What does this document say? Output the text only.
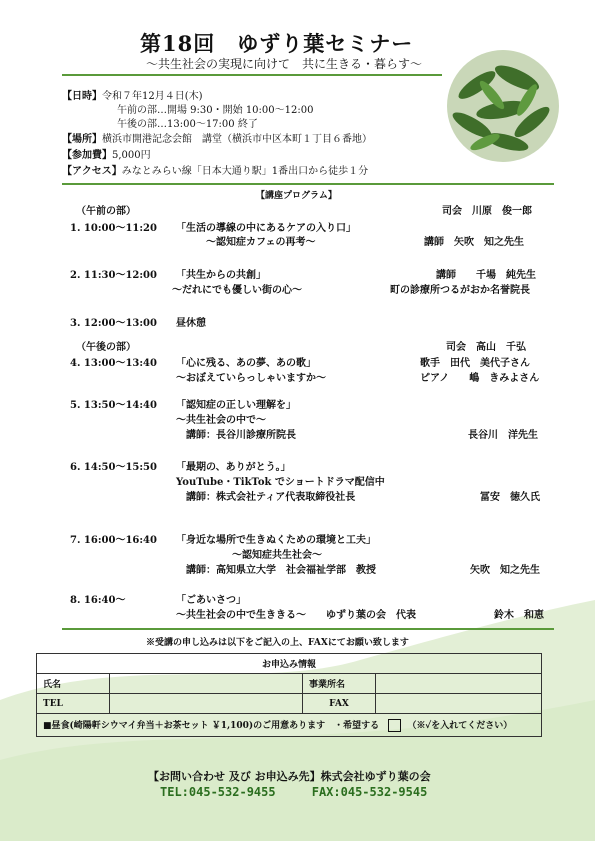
第18回　ゆずり葉セミナー
～共生社会の実現に向けて　共に生きる・暮らす～
【日時】令和７年12月４日(木)
午前の部…開場 9:30・開始 10:00～12:00
午後の部…13:00～17:00 終了
【場所】横浜市開港記念会館　講堂（横浜市中区本町１丁目６番地）
【参加費】5,000円
【アクセス】みなとみらい線「日本大通り駅」1番出口から徒歩１分
【講座プログラム】
（午前の部）	司会　川原　俊一郎
1. 10:00～11:20 「生活の導線の中にあるケアの入り口」
～認知症カフェの再考～	講師　矢吹　知之先生
2. 11:30～12:00 「共生からの共創」	講師　　千場　純先生
～だれにでも優しい街の心～	町の診療所つるがおか名誉院長
3. 12:00～13:00 昼休憩
（午後の部）	司会　高山　千弘
4. 13:00～13:40 「心に残る、あの夢、あの歌」	歌手　田代　美代子さん
～おぼえていらっしゃいますか～	ピアノ　　嶋　きみよさん
5. 13:50～14:40 「認知症の正しい理解を」
～共生社会の中で～
講師：長谷川診療所院長	長谷川　洋先生
6. 14:50～15:50 「最期の、ありがとう。」
YouTube・TikTok でショートドラマ配信中
講師：株式会社ティア代表取締役社長	冨安　徳久氏
7. 16:00～16:40 「身近な場所で生きぬくための環境と工夫」
～認知症共生社会～
講師：高知県立大学　社会福祉学部　教授	矢吹　知之先生
8. 16:40～	「ごあいさつ」
～共生社会の中で生ききる～　　ゆずり葉の会　代表	鈴木　和恵
※受講の申し込みは以下をご記入の上、FAXにてお願い致します
お申込み情報			
氏名		事業所名	
TEL		FAX	
■昼食(崎陽軒シウマイ弁当＋お茶セット ￥1,100)のご用意あります　・希望する （※✓を入れてください）			
【お問い合わせ 及び お申込み先】株式会社ゆずり葉の会
TEL:045-532-9455	FAX:045-532-9545
